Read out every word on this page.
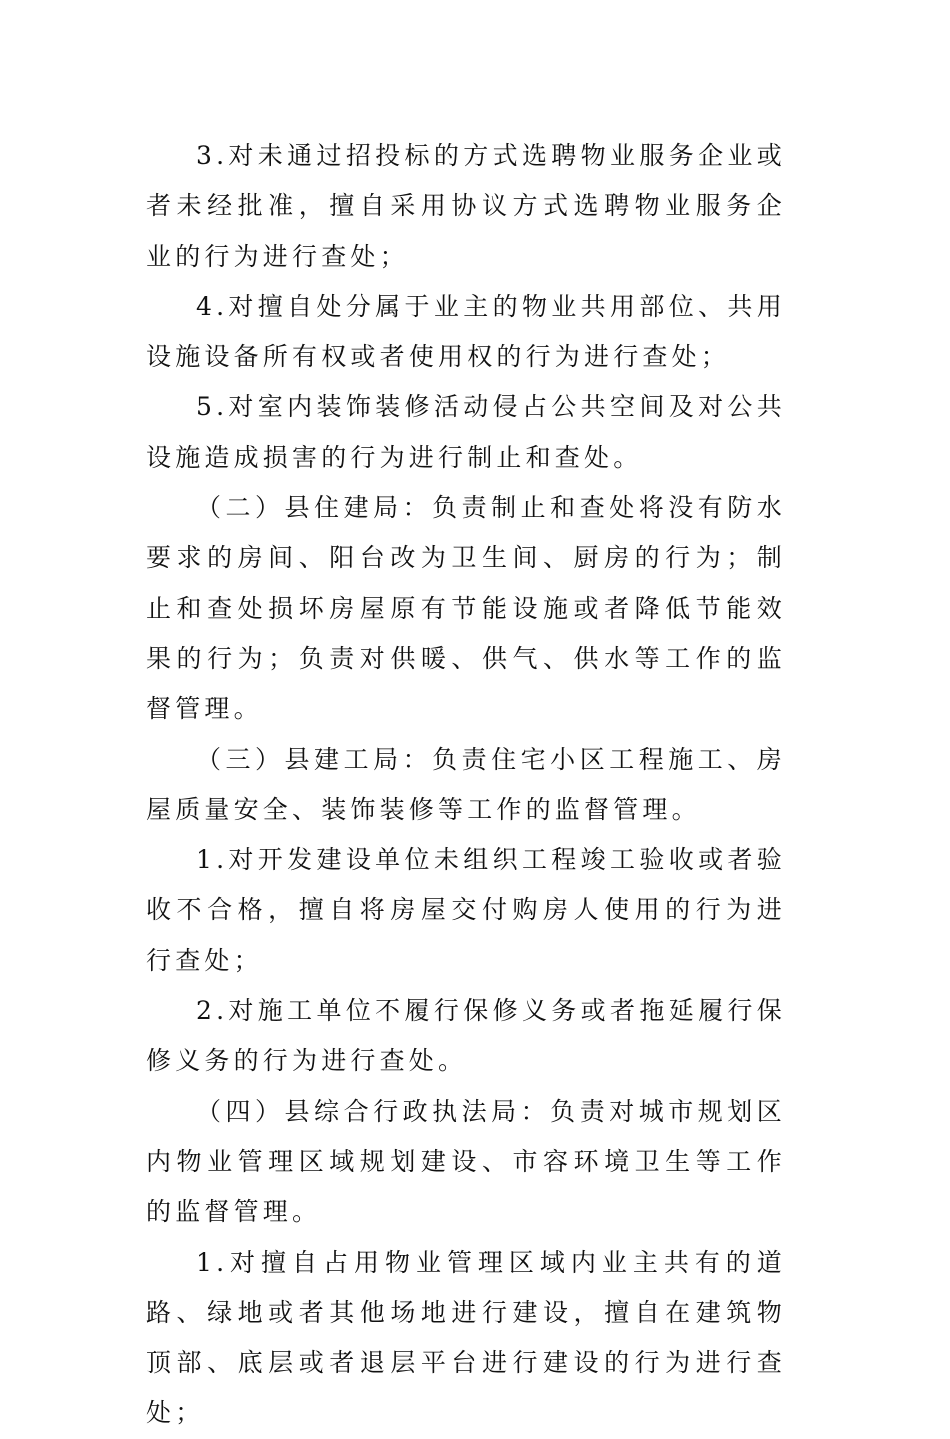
3.对未通过招投标的方式选聘物业服务企业或者未经批准，擅自采用协议方式选聘物业服务企业的行为进行查处；

4.对擅自处分属于业主的物业共用部位、共用设施设备所有权或者使用权的行为进行查处；

5.对室内装饰装修活动侵占公共空间及对公共设施造成损害的行为进行制止和查处。

（二）县住建局：负责制止和查处将没有防水要求的房间、阳台改为卫生间、厨房的行为；制止和查处损坏房屋原有节能设施或者降低节能效果的行为；负责对供暖、供气、供水等工作的监督管理。

（三）县建工局：负责住宅小区工程施工、房屋质量安全、装饰装修等工作的监督管理。

1.对开发建设单位未组织工程竣工验收或者验收不合格，擅自将房屋交付购房人使用的行为进行查处；

2.对施工单位不履行保修义务或者拖延履行保修义务的行为进行查处。

（四）县综合行政执法局：负责对城市规划区内物业管理区域规划建设、市容环境卫生等工作的监督管理。

1.对擅自占用物业管理区域内业主共有的道路、绿地或者其他场地进行建设，擅自在建筑物顶部、底层或者退层平台进行建设的行为进行查处；
